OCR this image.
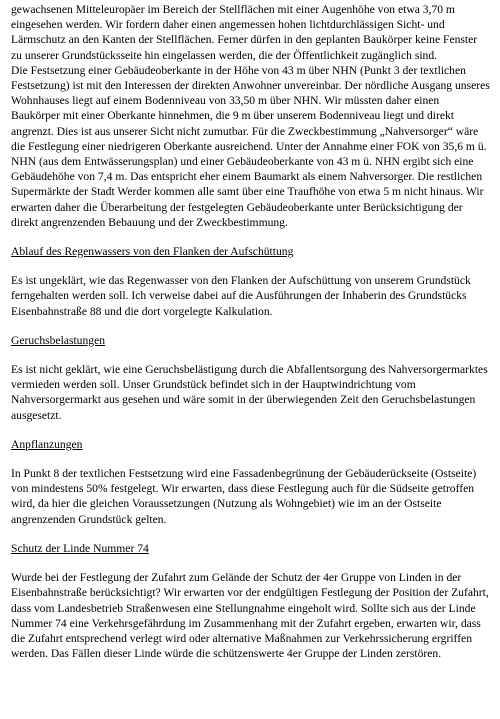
gewachsenen Mitteleuropäer im Bereich der Stellflächen mit einer Augenhöhe von etwa 3,70 m eingesehen werden. Wir fordern daher einen angemessen hohen lichtdurchlässigen Sicht- und Lärmschutz an den Kanten der Stellflächen. Ferner dürfen in den geplanten Baukörper keine Fenster zu unserer Grundstücksseite hin eingelassen werden, die der Öffentlichkeit zugänglich sind.

Die Festsetzung einer Gebäudeoberkante in der Höhe von 43 m über NHN (Punkt 3 der textlichen Festsetzung) ist mit den Interessen der direkten Anwohner unvereinbar. Der nördliche Ausgang unseres Wohnhauses liegt auf einem Bodenniveau von 33,50 m über NHN. Wir müssten daher einen Baukörper mit einer Oberkante hinnehmen, die 9 m über unserem Bodenniveau liegt und direkt angrenzt. Dies ist aus unserer Sicht nicht zumutbar. Für die Zweckbestimmung „Nahversorger“ wäre die Festlegung einer niedrigeren Oberkante ausreichend. Unter der Annahme einer FOK von 35,6 m ü. NHN (aus dem Entwässerungsplan) und einer Gebäudeoberkante von 43 m ü. NHN ergibt sich eine Gebäudehöhe von 7,4 m. Das entspricht eher einem Baumarkt als einem Nahversorger. Die restlichen Supermärkte der Stadt Werder kommen alle samt über eine Traufhöhe von etwa 5 m nicht hinaus. Wir erwarten daher die Überarbeitung der festgelegten Gebäudeoberkante unter Berücksichtigung der direkt angrenzenden Bebauung und der Zweckbestimmung.

Ablauf des Regenwassers von den Flanken der Aufschüttung

Es ist ungeklärt, wie das Regenwasser von den Flanken der Aufschüttung von unserem Grundstück ferngehalten werden soll. Ich verweise dabei auf die Ausführungen der Inhaberin des Grundstücks Eisenbahnstraße 88 und die dort vorgelegte Kalkulation.

Geruchsbelastungen

Es ist nicht geklärt, wie eine Geruchsbelästigung durch die Abfallentsorgung des Nahversorgermarktes vermieden werden soll. Unser Grundstück befindet sich in der Hauptwindrichtung vom Nahversorgermarkt aus gesehen und wäre somit in der überwiegenden Zeit den Geruchsbelastungen ausgesetzt.

Anpflanzungen

In Punkt 8 der textlichen Festsetzung wird eine Fassadenbegrünung der Gebäuderückseite (Ostseite) von mindestens 50% festgelegt. Wir erwarten, dass diese Festlegung auch für die Südseite getroffen wird, da hier die gleichen Voraussetzungen (Nutzung als Wohngebiet) wie im an der Ostseite angrenzenden Grundstück gelten.

Schutz der Linde Nummer 74

Wurde bei der Festlegung der Zufahrt zum Gelände der Schutz der 4er Gruppe von Linden in der Eisenbahnstraße berücksichtigt? Wir erwarten vor der endgültigen Festlegung der Position der Zufahrt, dass vom Landesbetrieb Straßenwesen eine Stellungnahme eingeholt wird. Sollte sich aus der Linde Nummer 74 eine Verkehrsgefährdung im Zusammenhang mit der Zufahrt ergeben, erwarten wir, dass die Zufahrt entsprechend verlegt wird oder alternative Maßnahmen zur Verkehrssicherung ergriffen werden. Das Fällen dieser Linde würde die schützenswerte 4er Gruppe der Linden zerstören.
